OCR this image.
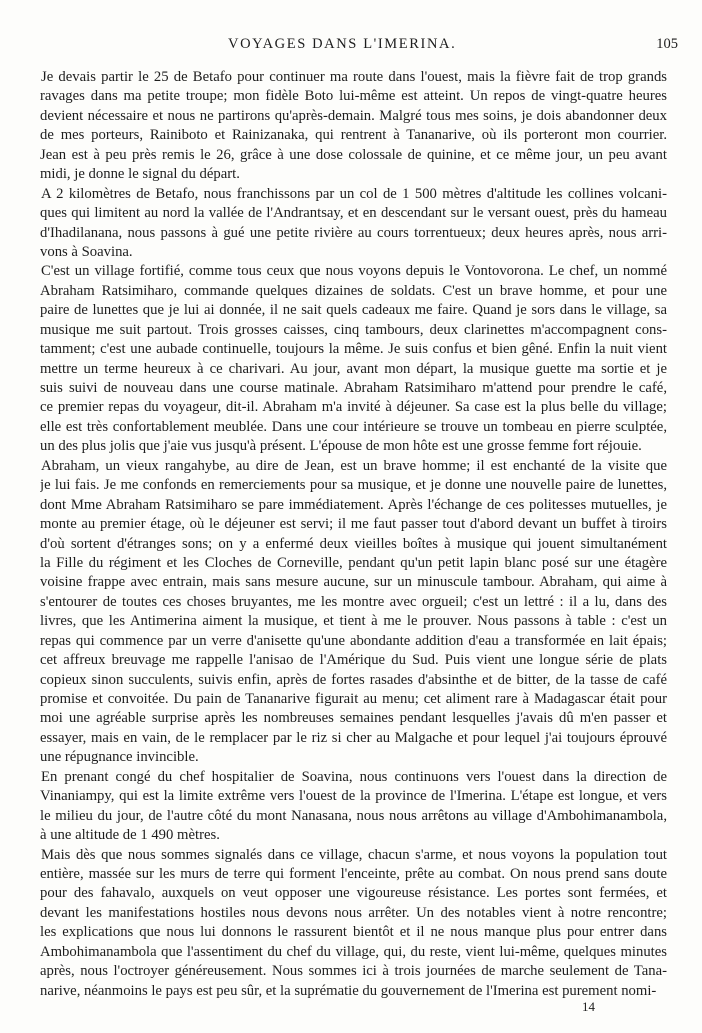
VOYAGES DANS L'IMERINA.	105
Je devais partir le 25 de Betafo pour continuer ma route dans l'ouest, mais la fièvre fait de trop grands
ravages dans ma petite troupe; mon fidèle Boto lui-même est atteint. Un repos de vingt-quatre heures
devient nécessaire et nous ne partirons qu'après-demain. Malgré tous mes soins, je dois abandonner deux
de mes porteurs, Rainiboto et Rainizanaka, qui rentrent à Tananarive, où ils porteront mon courrier.
Jean est à peu près remis le 26, grâce à une dose colossale de quinine, et ce même jour, un peu avant
midi, je donne le signal du départ.
A 2 kilomètres de Betafo, nous franchissons par un col de 1 500 mètres d'altitude les collines volcani-
ques qui limitent au nord la vallée de l'Andrantsay, et en descendant sur le versant ouest, près du hameau
d'Ihadilanana, nous passons à gué une petite rivière au cours torrentueux; deux heures après, nous arri-
vons à Soavina.
C'est un village fortifié, comme tous ceux que nous voyons depuis le Vontovorona. Le chef, un nommé
Abraham Ratsimiharo, commande quelques dizaines de soldats. C'est un brave homme, et pour une
paire de lunettes que je lui ai donnée, il ne sait quels cadeaux me faire. Quand je sors dans le village, sa
musique me suit partout. Trois grosses caisses, cinq tambours, deux clarinettes m'accompagnent cons-
tamment; c'est une aubade continuelle, toujours la même. Je suis confus et bien gêné. Enfin la nuit vient
mettre un terme heureux à ce charivari. Au jour, avant mon départ, la musique guette ma sortie et je
suis suivi de nouveau dans une course matinale. Abraham Ratsimiharo m'attend pour prendre le café,
ce premier repas du voyageur, dit-il. Abraham m'a invité à déjeuner. Sa case est la plus belle du village;
elle est très confortablement meublée. Dans une cour intérieure se trouve un tombeau en pierre sculptée,
un des plus jolis que j'aie vus jusqu'à présent. L'épouse de mon hôte est une grosse femme fort réjouie.
Abraham, un vieux rangahybe, au dire de Jean, est un brave homme; il est enchanté de la visite que
je lui fais. Je me confonds en remerciements pour sa musique, et je donne une nouvelle paire de lunettes,
dont Mme Abraham Ratsimiharo se pare immédiatement. Après l'échange de ces politesses mutuelles, je
monte au premier étage, où le déjeuner est servi; il me faut passer tout d'abord devant un buffet à tiroirs
d'où sortent d'étranges sons; on y a enfermé deux vieilles boîtes à musique qui jouent simultanément
la Fille du régiment et les Cloches de Corneville, pendant qu'un petit lapin blanc posé sur une étagère
voisine frappe avec entrain, mais sans mesure aucune, sur un minuscule tambour. Abraham, qui aime à
s'entourer de toutes ces choses bruyantes, me les montre avec orgueil; c'est un lettré : il a lu, dans des
livres, que les Antimerina aiment la musique, et tient à me le prouver. Nous passons à table : c'est un
repas qui commence par un verre d'anisette qu'une abondante addition d'eau a transformée en lait épais;
cet affreux breuvage me rappelle l'anisao de l'Amérique du Sud. Puis vient une longue série de plats
copieux sinon succulents, suivis enfin, après de fortes rasades d'absinthe et de bitter, de la tasse de café
promise et convoitée. Du pain de Tananarive figurait au menu; cet aliment rare à Madagascar était pour
moi une agréable surprise après les nombreuses semaines pendant lesquelles j'avais dû m'en passer et
essayer, mais en vain, de le remplacer par le riz si cher au Malgache et pour lequel j'ai toujours éprouvé
une répugnance invincible.
En prenant congé du chef hospitalier de Soavina, nous continuons vers l'ouest dans la direction de
Vinaniampy, qui est la limite extrême vers l'ouest de la province de l'Imerina. L'étape est longue, et vers
le milieu du jour, de l'autre côté du mont Nanasana, nous nous arrêtons au village d'Ambohimanambola,
à une altitude de 1 490 mètres.
Mais dès que nous sommes signalés dans ce village, chacun s'arme, et nous voyons la population tout
entière, massée sur les murs de terre qui forment l'enceinte, prête au combat. On nous prend sans doute
pour des fahavalo, auxquels on veut opposer une vigoureuse résistance. Les portes sont fermées, et
devant les manifestations hostiles nous devons nous arrêter. Un des notables vient à notre rencontre;
les explications que nous lui donnons le rassurent bientôt et il ne nous manque plus pour entrer dans
Ambohimanambola que l'assentiment du chef du village, qui, du reste, vient lui-même, quelques minutes
après, nous l'octroyer généreusement. Nous sommes ici à trois journées de marche seulement de Tana-
narive, néanmoins le pays est peu sûr, et la suprématie du gouvernement de l'Imerina est purement nomi-
14
